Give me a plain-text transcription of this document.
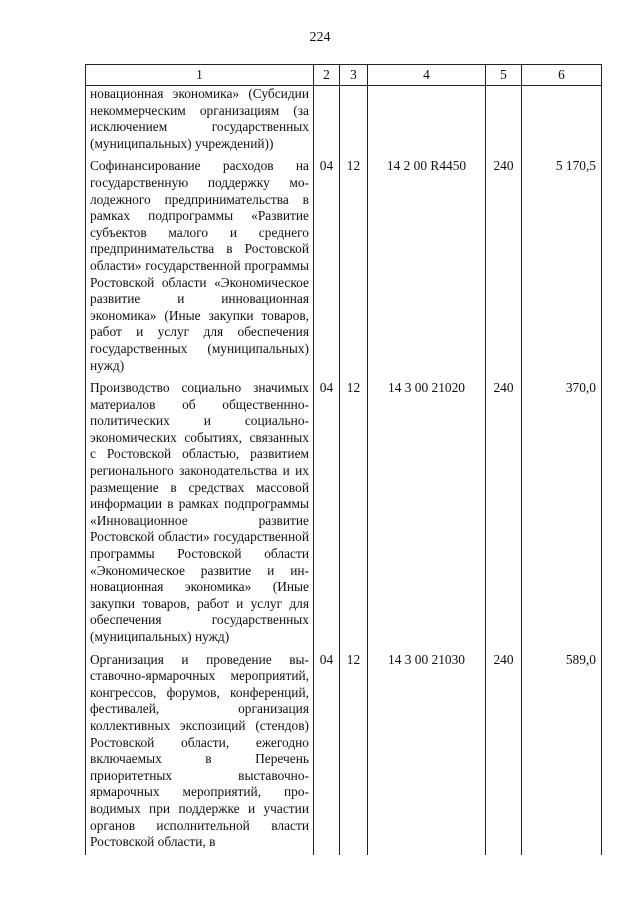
224
1	2	3	4	5	6
новационная экономика» (Субсидии некоммерческим организациям (за исключением государственных (муниципальных) учреждений))					
Софинансирование расходов на государственную поддержку молодежного предпринимательства в рамках подпрограммы «Развитие субъектов малого и среднего предпринимательства в Ростовской области» государственной программы Ростовской области «Экономическое развитие и инновационная экономика» (Иные закупки товаров, работ и услуг для обеспечения государственных (муниципальных) нужд)	04	12	14 2 00 R4450	240	5 170,5
Производство социально значимых материалов об общественнно-политических и социально-экономических событиях, связанных с Ростовской областью, развитием регионального законодательства и их размещение в средствах массовой информации в рамках подпрограммы «Инновационное развитие Ростовской области» государственной программы Ростовской области «Экономическое развитие и инновационная экономика» (Иные закупки товаров, работ и услуг для обеспечения государственных (муниципальных) нужд)	04	12	14 3 00 21020	240	370,0
Организация и проведение выставочно-ярмарочных мероприятий, конгрессов, форумов, конференций, фестивалей, организация коллективных экспозиций (стендов) Ростовской области, ежегодно включаемых в Перечень приоритетных выставочно-ярмарочных мероприятий, проводимых при поддержке и участии органов исполнительной власти Ростовской области, в	04	12	14 3 00 21030	240	589,0
